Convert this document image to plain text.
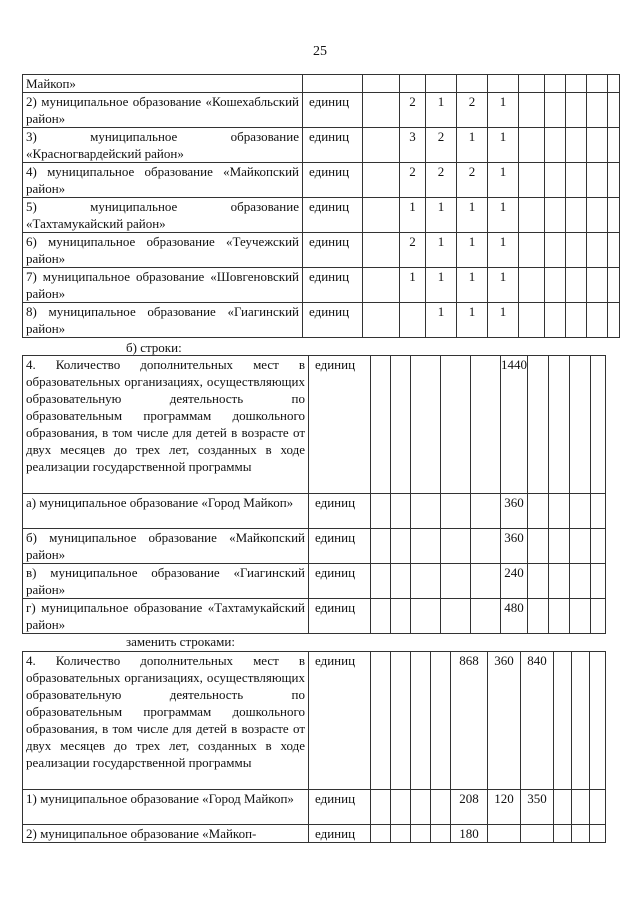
25
Майкоп»											
2) муниципальное образование «Кошехабльский район»	единиц		2	1	2	1					
3) муниципальное образование «Красногвардейский район»	единиц		3	2	1	1					
4) муниципальное образование «Майкопский район»	единиц		2	2	2	1					
5) муниципальное образование «Тахтамукайский район»	единиц		1	1	1	1					
6) муниципальное образование «Теучежский район»	единиц		2	1	1	1					
7) муниципальное образование «Шовгеновский район»	единиц		1	1	1	1					
8) муниципальное образование «Гиагинский район»	единиц			1	1	1					
б) строки:
4. Количество дополнительных мест в образовательных организациях, осуществляющих образовательную деятельность по образовательным программам дошкольного образования, в том числе для детей в возрасте от двух месяцев до трех лет, созданных в ходе реализации государственной программы	единиц						1440				
а) муниципальное образование «Город Майкоп»	единиц						360				
б) муниципальное образование «Майкопский район»	единиц						360				
в) муниципальное образование «Гиагинский район»	единиц						240				
г) муниципальное образование «Тахтамукайский район»	единиц						480				
заменить строками:
4. Количество дополнительных мест в образовательных организациях, осуществляющих образовательную деятельность по образовательным программам дошкольного образования, в том числе для детей в возрасте от двух месяцев до трех лет, созданных в ходе реализации государственной программы	единиц					868	360	840			
1) муниципальное образование «Город Майкоп»	единиц					208	120	350			
2) муниципальное образование «Майкоп-	единиц					180					
